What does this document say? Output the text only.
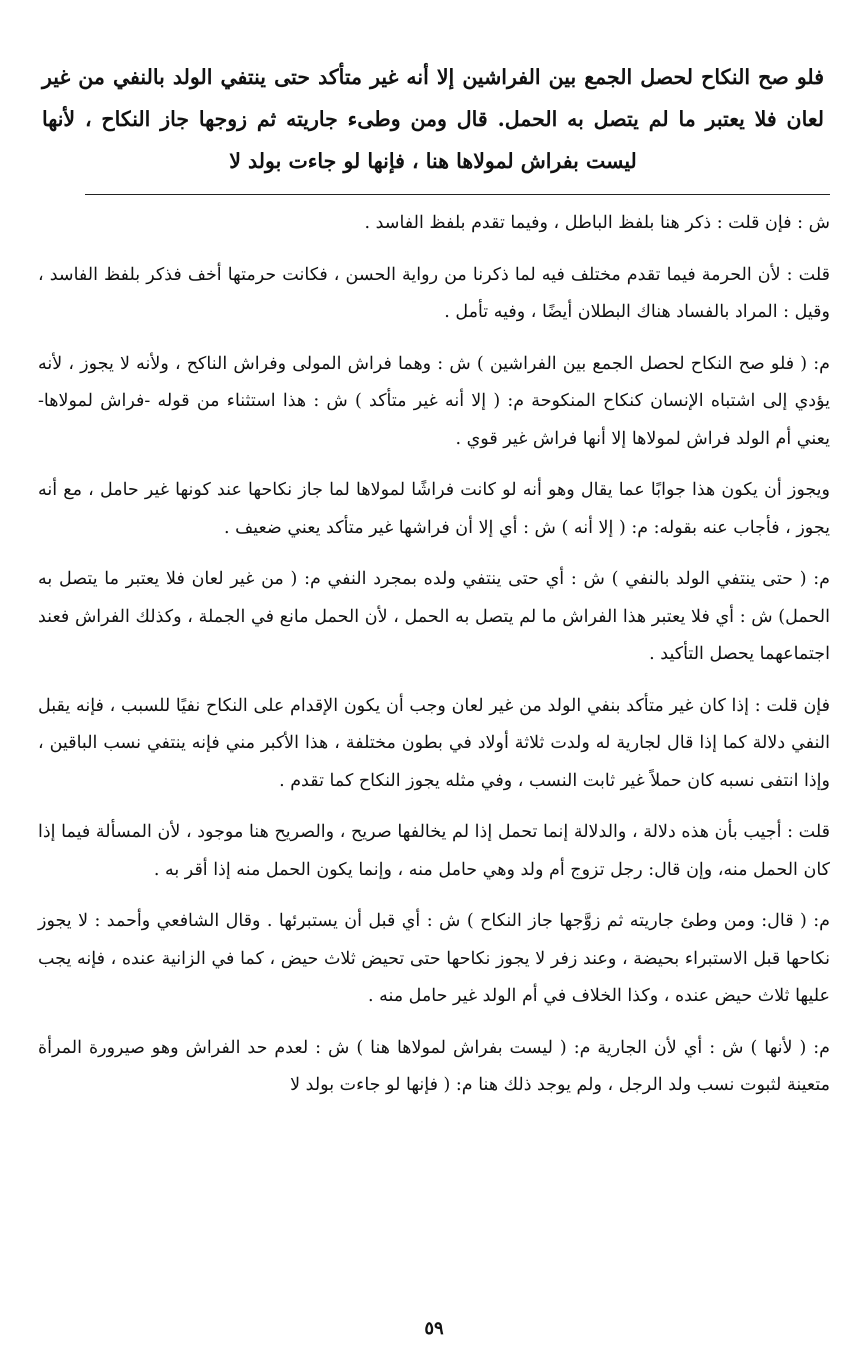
فلو صح النكاح لحصل الجمع بين الفراشين إلا أنه غير متأكد حتى ينتفي الولد بالنفي من غير لعان فلا يعتبر ما لم يتصل به الحمل. قال ومن وطىء جاريته ثم زوجها جاز النكاح ، لأنها ليست بفراش لمولاها هنا ، فإنها لو جاءت بولد لا

ش : فإن قلت : ذكر هنا بلفظ الباطل ، وفيما تقدم بلفظ الفاسد .

قلت : لأن الحرمة فيما تقدم مختلف فيه لما ذكرنا من رواية الحسن ، فكانت حرمتها أخف فذكر بلفظ الفاسد ، وقيل : المراد بالفساد هناك البطلان أيضًا ، وفيه تأمل .

م: ( فلو صح النكاح لحصل الجمع بين الفراشين ) ش : وهما فراش المولى وفراش الناكح ، ولأنه لا يجوز ، لأنه يؤدي إلى اشتباه الإنسان كنكاح المنكوحة م: ( إلا أنه غير متأكد ) ش : هذا استثناء من قوله -فراش لمولاها- يعني أم الولد فراش لمولاها إلا أنها فراش غير قوي .

ويجوز أن يكون هذا جوابًا عما يقال وهو أنه لو كانت فراشًا لمولاها لما جاز نكاحها عند كونها غير حامل ، مع أنه يجوز ، فأجاب عنه بقوله: م: ( إلا أنه ) ش : أي إلا أن فراشها غير متأكد يعني ضعيف .

م: ( حتى ينتفي الولد بالنفي ) ش : أي حتى ينتفي ولده بمجرد النفي م: ( من غير لعان فلا يعتبر ما يتصل به الحمل) ش : أي فلا يعتبر هذا الفراش ما لم يتصل به الحمل ، لأن الحمل مانع في الجملة ، وكذلك الفراش فعند اجتماعهما يحصل التأكيد .

فإن قلت : إذا كان غير متأكد بنفي الولد من غير لعان وجب أن يكون الإقدام على النكاح نفيًا للسبب ، فإنه يقبل النفي دلالة كما إذا قال لجارية له ولدت ثلاثة أولاد في بطون مختلفة ، هذا الأكبر مني فإنه ينتفي نسب الباقين ، وإذا انتفى نسبه كان حملاً غير ثابت النسب ، وفي مثله يجوز النكاح كما تقدم .

قلت : أجيب بأن هذه دلالة ، والدلالة إنما تحمل إذا لم يخالفها صريح ، والصريح هنا موجود ، لأن المسألة فيما إذا كان الحمل منه، وإن قال: رجل تزوج أم ولد وهي حامل منه ، وإنما يكون الحمل منه إذا أقر به .

م: ( قال: ومن وطئ جاريته ثم زوَّجها جاز النكاح ) ش : أي قبل أن يستبرئها . وقال الشافعي وأحمد : لا يجوز نكاحها قبل الاستبراء بحيضة ، وعند زفر لا يجوز نكاحها حتى تحيض ثلاث حيض ، كما في الزانية عنده ، فإنه يجب عليها ثلاث حيض عنده ، وكذا الخلاف في أم الولد غير حامل منه .

م: ( لأنها ) ش : أي لأن الجارية م: ( ليست بفراش لمولاها هنا ) ش : لعدم حد الفراش وهو صيرورة المرأة متعينة لثبوت نسب ولد الرجل ، ولم يوجد ذلك هنا م: ( فإنها لو جاءت بولد لا

٥٩
